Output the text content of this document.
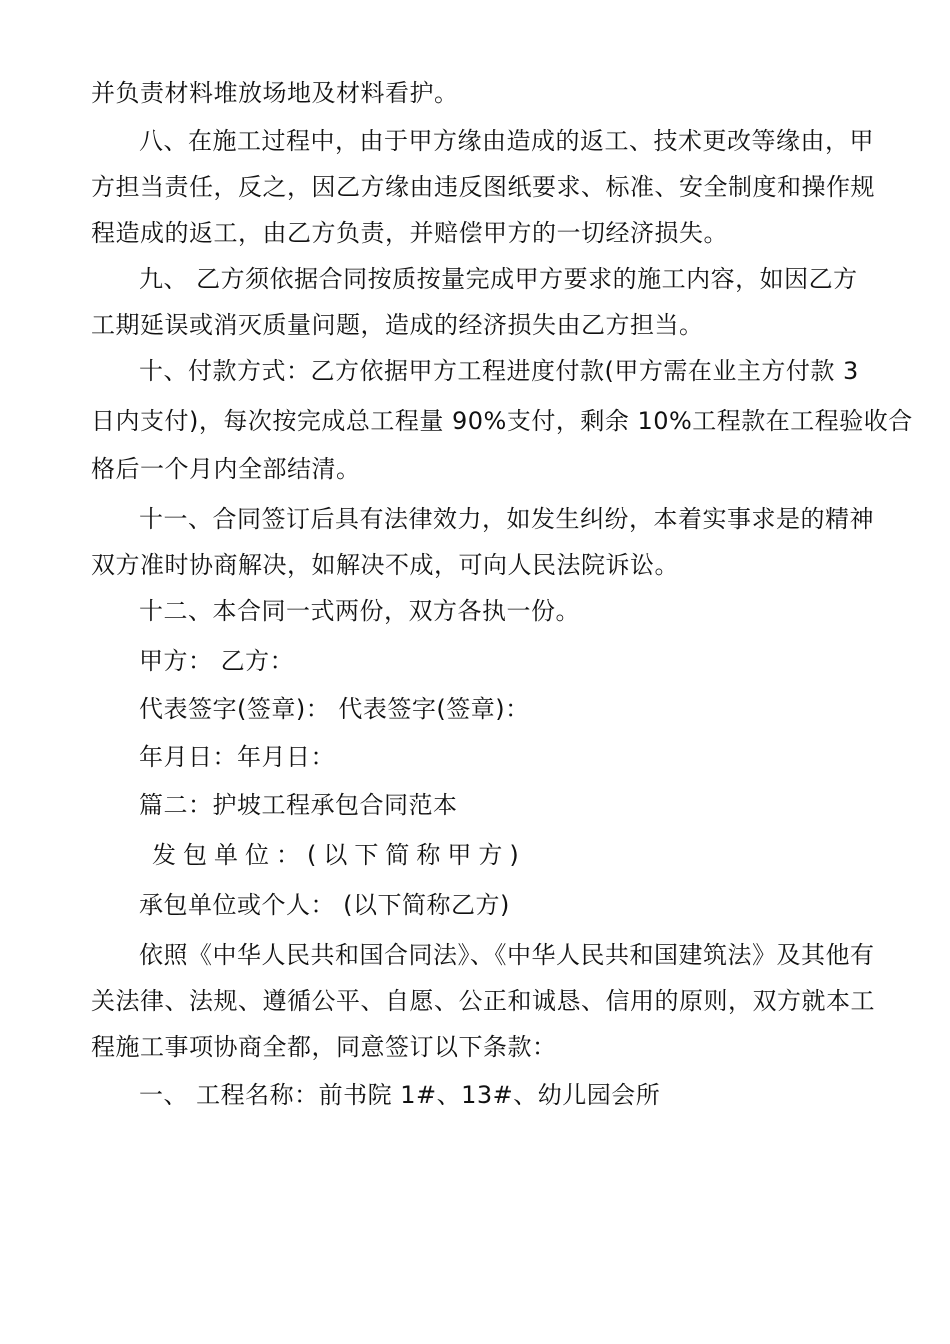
并负责材料堆放场地及材料看护。
八、在施工过程中，由于甲方缘由造成的返工、技术更改等缘由，甲
方担当责任，反之，因乙方缘由违反图纸要求、标准、安全制度和操作规
程造成的返工，由乙方负责，并赔偿甲方的一切经济损失。
九、 乙方须依据合同按质按量完成甲方要求的施工内容，如因乙方
工期延误或消灭质量问题，造成的经济损失由乙方担当。
十、付款方式：乙方依据甲方工程进度付款(甲方需在业主方付款 3
日内支付)，每次按完成总工程量 90%支付，剩余 10%工程款在工程验收合
格后一个月内全部结清。
十一、合同签订后具有法律效力，如发生纠纷，本着实事求是的精神
双方准时协商解决，如解决不成，可向人民法院诉讼。
十二、本合同一式两份，双方各执一份。
甲方： 乙方：
代表签字(签章)： 代表签字(签章)：
年月日：年月日：
篇二：护坡工程承包合同范本
发包单位：(以下简称甲方)
承包单位或个人： (以下简称乙方)
依照《中华人民共和国合同法》、《中华人民共和国建筑法》及其他有
关法律、法规、遵循公平、自愿、公正和诚恳、信用的原则，双方就本工
程施工事项协商全都，同意签订以下条款：
一、 工程名称：前书院 1#、13#、幼儿园会所
